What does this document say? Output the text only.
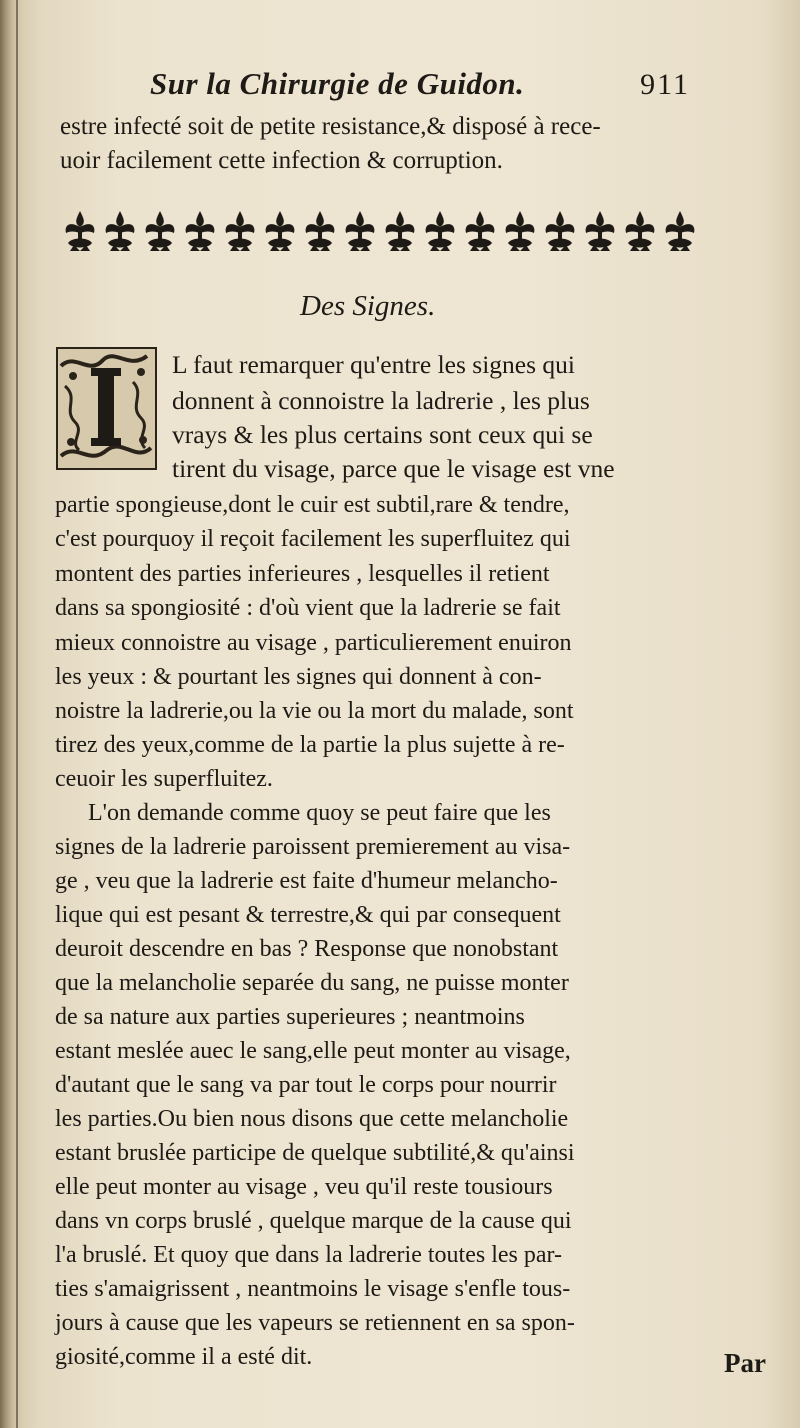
Sur la Chirurgie de Guidon.	911
estre infecté soit de petite resistance,& disposé à rece-
uoir facilement cette infection & corruption.
Des Signes.
L faut remarquer qu'entre les signes qui
donnent à connoistre la ladrerie , les plus
vrays & les plus certains sont ceux qui se
tirent du visage, parce que le visage est vne
partie spongieuse,dont le cuir est subtil,rare & tendre,
c'est pourquoy il reçoit facilement les superfluitez qui
montent des parties inferieures , lesquelles il retient
dans sa spongiosité : d'où vient que la ladrerie se fait
mieux connoistre au visage , particulierement enuiron
les yeux : & pourtant les signes qui donnent à con-
noistre la ladrerie,ou la vie ou la mort du malade, sont
tirez des yeux,comme de la partie la plus sujette à re-
ceuoir les superfluitez.
L'on demande comme quoy se peut faire que les
signes de la ladrerie paroissent premierement au visa-
ge , veu que la ladrerie est faite d'humeur melancho-
lique qui est pesant & terrestre,& qui par consequent
deuroit descendre en bas ? Response que nonobstant
que la melancholie separée du sang, ne puisse monter
de sa nature aux parties superieures ; neantmoins
estant meslée auec le sang,elle peut monter au visage,
d'autant que le sang va par tout le corps pour nourrir
les parties.Ou bien nous disons que cette melancholie
estant bruslée participe de quelque subtilité,& qu'ainsi
elle peut monter au visage , veu qu'il reste tousiours
dans vn corps bruslé , quelque marque de la cause qui
l'a bruslé. Et quoy que dans la ladrerie toutes les par-
ties s'amaigrissent , neantmoins le visage s'enfle tous-
jours à cause que les vapeurs se retiennent en sa spon-
giosité,comme il a esté dit.	Par
